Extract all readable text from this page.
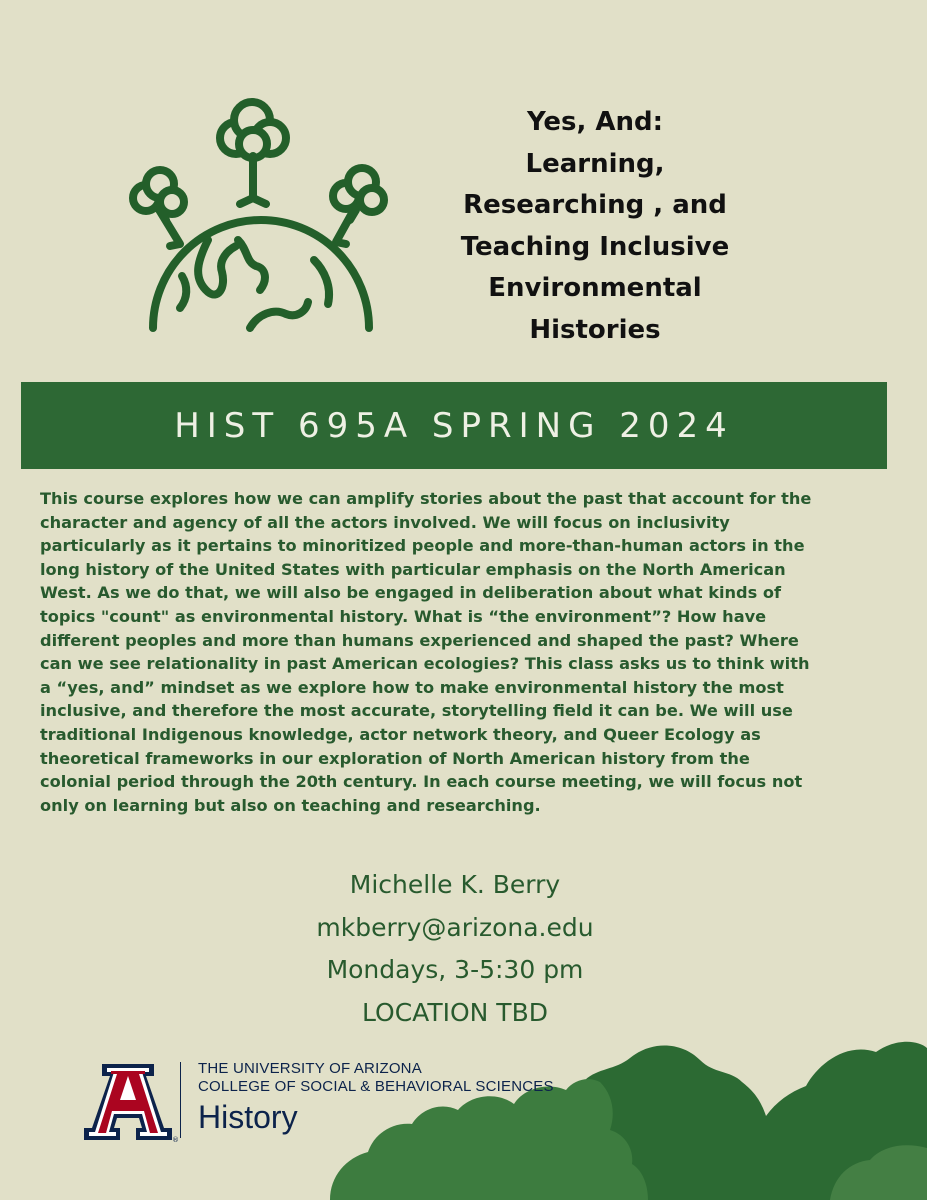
Yes, And:
Learning,
Researching , and
Teaching Inclusive
Environmental
Histories
HIST 695A SPRING 2024
This course explores how we can amplify stories about the past that account for the
character and agency of all the actors involved. We will focus on inclusivity
particularly as it pertains to minoritized people and more-than-human actors in the
long history of the United States with particular emphasis on the North American
West. As we do that, we will also be engaged in deliberation about what kinds of
topics "count" as environmental history. What is “the environment”? How have
different peoples and more than humans experienced and shaped the past? Where
can we see relationality in past American ecologies? This class asks us to think with
a “yes, and” mindset as we explore how to make environmental history the most
inclusive, and therefore the most accurate, storytelling field it can be. We will use
traditional Indigenous knowledge, actor network theory, and Queer Ecology as
theoretical frameworks in our exploration of North American history from the
colonial period through the 20th century. In each course meeting, we will focus not
only on learning but also on teaching and researching.
Michelle K. Berry
mkberry@arizona.edu
Mondays, 3-5:30 pm
LOCATION TBD
®
THE UNIVERSITY OF ARIZONA
COLLEGE OF SOCIAL & BEHAVIORAL SCIENCES
History
